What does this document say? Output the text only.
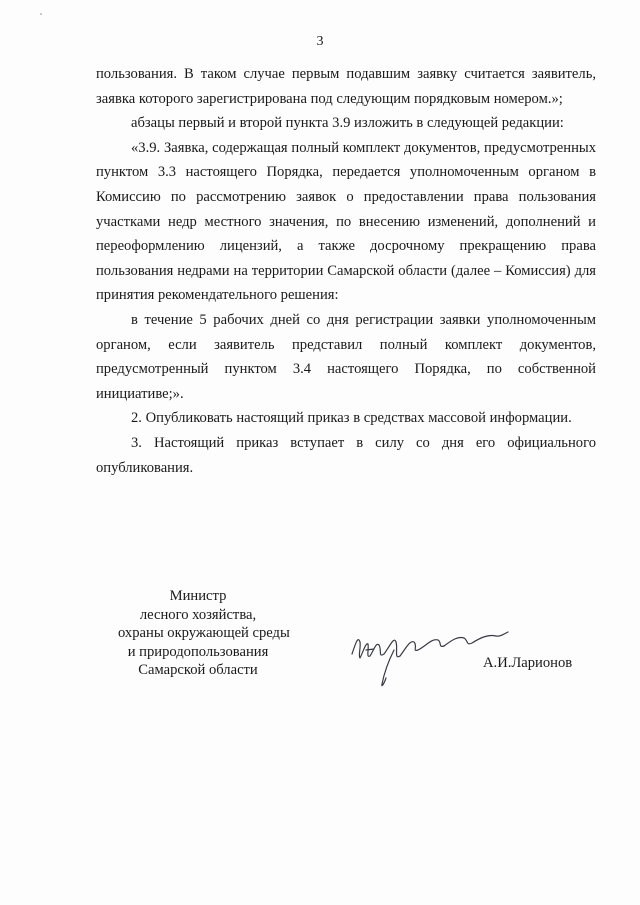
3

пользования. В таком случае первым подавшим заявку считается заявитель, заявка которого зарегистрирована под следующим порядковым номером.»;

абзацы первый и второй пункта 3.9 изложить в следующей редакции:

«3.9. Заявка, содержащая полный комплект документов, предусмотренных пунктом 3.3 настоящего Порядка, передается уполномоченным органом в Комиссию по рассмотрению заявок о предоставлении права пользования участками недр местного значения, по внесению изменений, дополнений и переоформлению лицензий, а также досрочному прекращению права пользования недрами на территории Самарской области (далее – Комиссия) для принятия рекомендательного решения:

в течение 5 рабочих дней со дня регистрации заявки уполномоченным органом, если заявитель представил полный комплект документов, предусмотренный пунктом 3.4 настоящего Порядка, по собственной инициативе;».

2. Опубликовать настоящий приказ в средствах массовой информации.

3. Настоящий приказ вступает в силу со дня его официального опубликования.

Министр
лесного хозяйства,
охраны окружающей среды
и природопользования
Самарской области	А.И.Ларионов
